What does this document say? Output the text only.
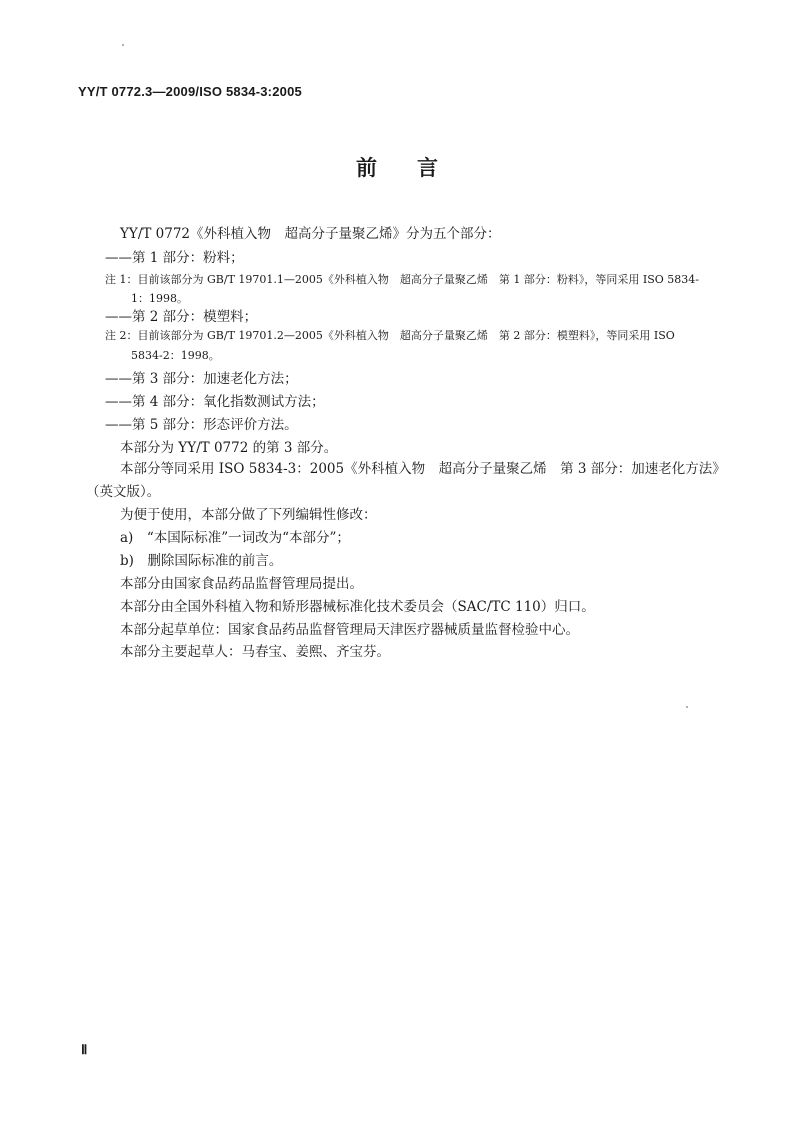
YY/T 0772.3—2009/ISO 5834-3:2005
前言
YY/T 0772《外科植入物　超高分子量聚乙烯》分为五个部分：
——第 1 部分：粉料；
注 1：目前该部分为 GB/T 19701.1—2005《外科植入物　超高分子量聚乙烯　第 1 部分：粉料》，等同采用 ISO 5834-
1：1998。
——第 2 部分：模塑料；
注 2：目前该部分为 GB/T 19701.2—2005《外科植入物　超高分子量聚乙烯　第 2 部分：模塑料》，等同采用 ISO
5834-2：1998。
——第 3 部分：加速老化方法；
——第 4 部分：氧化指数测试方法；
——第 5 部分：形态评价方法。
本部分为 YY/T 0772 的第 3 部分。
本部分等同采用 ISO 5834-3：2005《外科植入物　超高分子量聚乙烯　第 3 部分：加速老化方法》
（英文版）。
为便于使用，本部分做了下列编辑性修改：
a)　“本国际标准”一词改为“本部分”；
b)　删除国际标准的前言。
本部分由国家食品药品监督管理局提出。
本部分由全国外科植入物和矫形器械标准化技术委员会（SAC/TC 110）归口。
本部分起草单位：国家食品药品监督管理局天津医疗器械质量监督检验中心。
本部分主要起草人：马春宝、姜熙、齐宝芬。
Ⅱ
